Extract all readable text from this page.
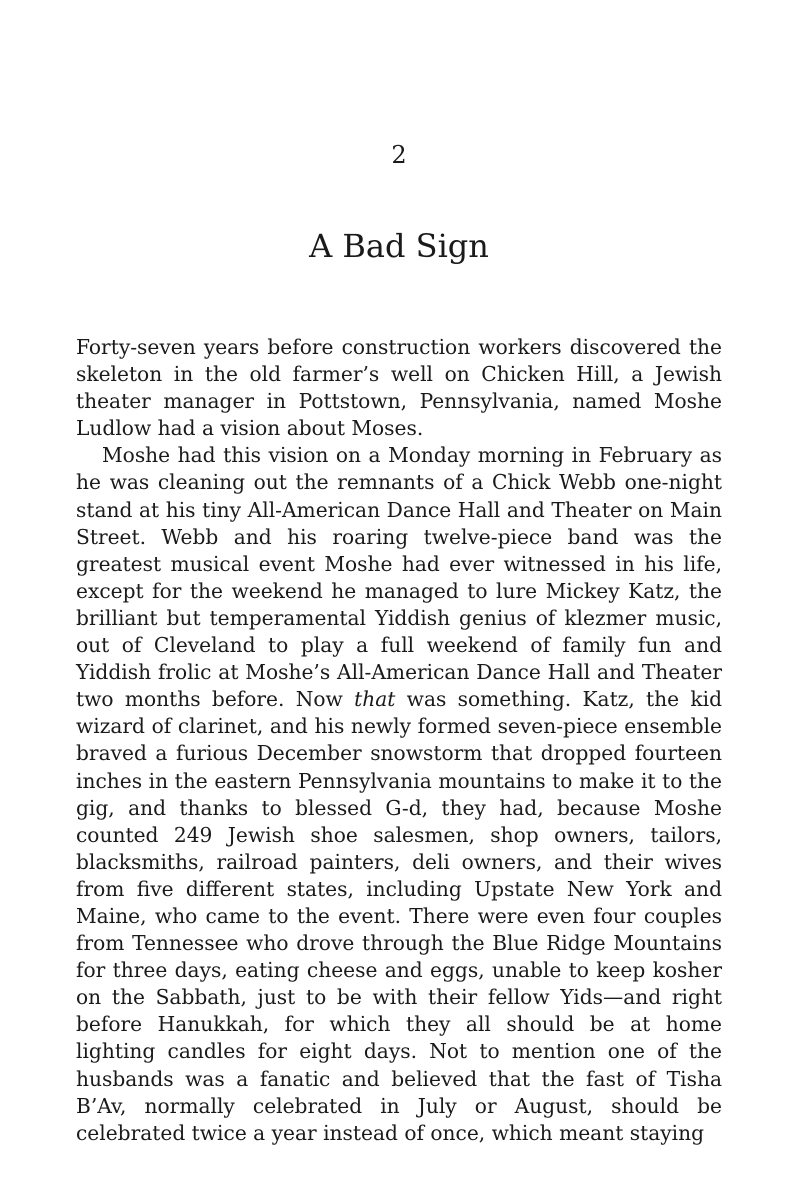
2
A Bad Sign

Forty-seven years before construction workers discovered the skeleton in the old farmer’s well on Chicken Hill, a Jewish theater manager in Pottstown, Pennsylvania, named Moshe Ludlow had a vision about Moses.

Moshe had this vision on a Monday morning in February as he was cleaning out the remnants of a Chick Webb one-night stand at his tiny All-American Dance Hall and Theater on Main Street. Webb and his roaring twelve-piece band was the greatest musical event Moshe had ever witnessed in his life, except for the weekend he managed to lure Mickey Katz, the brilliant but temperamental Yiddish genius of klezmer music, out of Cleveland to play a full weekend of family fun and Yiddish frolic at Moshe’s All-American Dance Hall and Theater two months before. Now that was something. Katz, the kid wizard of clarinet, and his newly formed seven-piece ensemble braved a furious December snowstorm that dropped fourteen inches in the eastern Pennsylvania mountains to make it to the gig, and thanks to blessed G-d, they had, because Moshe counted 249 Jewish shoe salesmen, shop owners, tailors, blacksmiths, railroad painters, deli owners, and their wives from five different states, including Upstate New York and Maine, who came to the event. There were even four couples from Tennessee who drove through the Blue Ridge Mountains for three days, eating cheese and eggs, unable to keep kosher on the Sabbath, just to be with their fellow Yids—and right before Hanukkah, for which they all should be at home lighting candles for eight days. Not to mention one of the husbands was a fanatic and believed that the fast of Tisha B’Av, normally celebrated in July or August, should be celebrated twice a year instead of once, which meant staying
